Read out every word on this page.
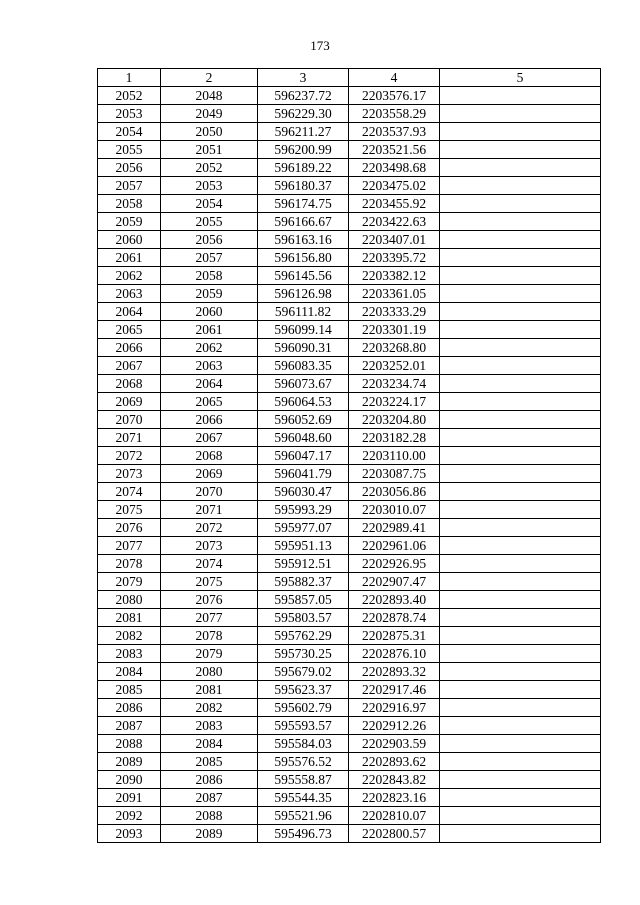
173
1	2	3	4	5
2052	2048	596237.72	2203576.17	
2053	2049	596229.30	2203558.29	
2054	2050	596211.27	2203537.93	
2055	2051	596200.99	2203521.56	
2056	2052	596189.22	2203498.68	
2057	2053	596180.37	2203475.02	
2058	2054	596174.75	2203455.92	
2059	2055	596166.67	2203422.63	
2060	2056	596163.16	2203407.01	
2061	2057	596156.80	2203395.72	
2062	2058	596145.56	2203382.12	
2063	2059	596126.98	2203361.05	
2064	2060	596111.82	2203333.29	
2065	2061	596099.14	2203301.19	
2066	2062	596090.31	2203268.80	
2067	2063	596083.35	2203252.01	
2068	2064	596073.67	2203234.74	
2069	2065	596064.53	2203224.17	
2070	2066	596052.69	2203204.80	
2071	2067	596048.60	2203182.28	
2072	2068	596047.17	2203110.00	
2073	2069	596041.79	2203087.75	
2074	2070	596030.47	2203056.86	
2075	2071	595993.29	2203010.07	
2076	2072	595977.07	2202989.41	
2077	2073	595951.13	2202961.06	
2078	2074	595912.51	2202926.95	
2079	2075	595882.37	2202907.47	
2080	2076	595857.05	2202893.40	
2081	2077	595803.57	2202878.74	
2082	2078	595762.29	2202875.31	
2083	2079	595730.25	2202876.10	
2084	2080	595679.02	2202893.32	
2085	2081	595623.37	2202917.46	
2086	2082	595602.79	2202916.97	
2087	2083	595593.57	2202912.26	
2088	2084	595584.03	2202903.59	
2089	2085	595576.52	2202893.62	
2090	2086	595558.87	2202843.82	
2091	2087	595544.35	2202823.16	
2092	2088	595521.96	2202810.07	
2093	2089	595496.73	2202800.57	
